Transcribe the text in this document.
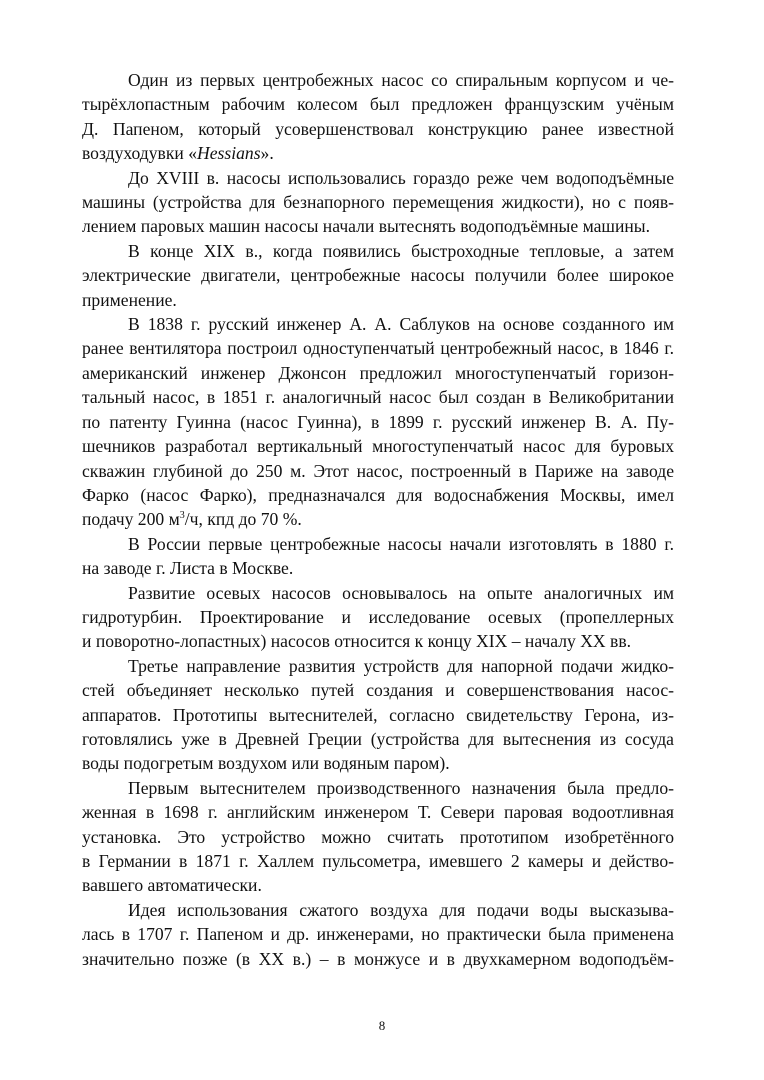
Один из первых центробежных насос со спиральным корпусом и че-
тырёхлопастным рабочим колесом был предложен французским учёным
Д. Папеном, который усовершенствовал конструкцию ранее известной
воздуходувки «Hessians».

До XVIII в. насосы использовались гораздо реже чем водоподъёмные
машины (устройства для безнапорного перемещения жидкости), но с появ-
лением паровых машин насосы начали вытеснять водоподъёмные машины.

В конце XIX в., когда появились быстроходные тепловые, а затем
электрические двигатели, центробежные насосы получили более широкое
применение.

В 1838 г. русский инженер А. А. Саблуков на основе созданного им
ранее вентилятора построил одноступенчатый центробежный насос, в 1846 г.
американский инженер Джонсон предложил многоступенчатый горизон-
тальный насос, в 1851 г. аналогичный насос был создан в Великобритании
по патенту Гуинна (насос Гуинна), в 1899 г. русский инженер В. А. Пу-
шечников разработал вертикальный многоступенчатый насос для буровых
скважин глубиной до 250 м. Этот насос, построенный в Париже на заводе
Фарко (насос Фарко), предназначался для водоснабжения Москвы, имел
подачу 200 $м^3/ч$, кпд до 70 %.

В России первые центробежные насосы начали изготовлять в 1880 г.
на заводе г. Листа в Москве.

Развитие осевых насосов основывалось на опыте аналогичных им
гидротурбин. Проектирование и исследование осевых (пропеллерных
и поворотно-лопастных) насосов относится к концу XIX – началу XX вв.

Третье направление развития устройств для напорной подачи жидко-
стей объединяет несколько путей создания и совершенствования насос-
аппаратов. Прототипы вытеснителей, согласно свидетельству Герона, из-
готовлялись уже в Древней Греции (устройства для вытеснения из сосуда
воды подогретым воздухом или водяным паром).

Первым вытеснителем производственного назначения была предло-
женная в 1698 г. английским инженером Т. Севери паровая водоотливная
установка. Это устройство можно считать прототипом изобретённого
в Германии в 1871 г. Халлем пульсометра, имевшего 2 камеры и действо-
вавшего автоматически.

Идея использования сжатого воздуха для подачи воды высказыва-
лась в 1707 г. Папеном и др. инженерами, но практически была применена
значительно позже (в XX в.) – в монжусе и в двухкамерном водоподъём-

8
